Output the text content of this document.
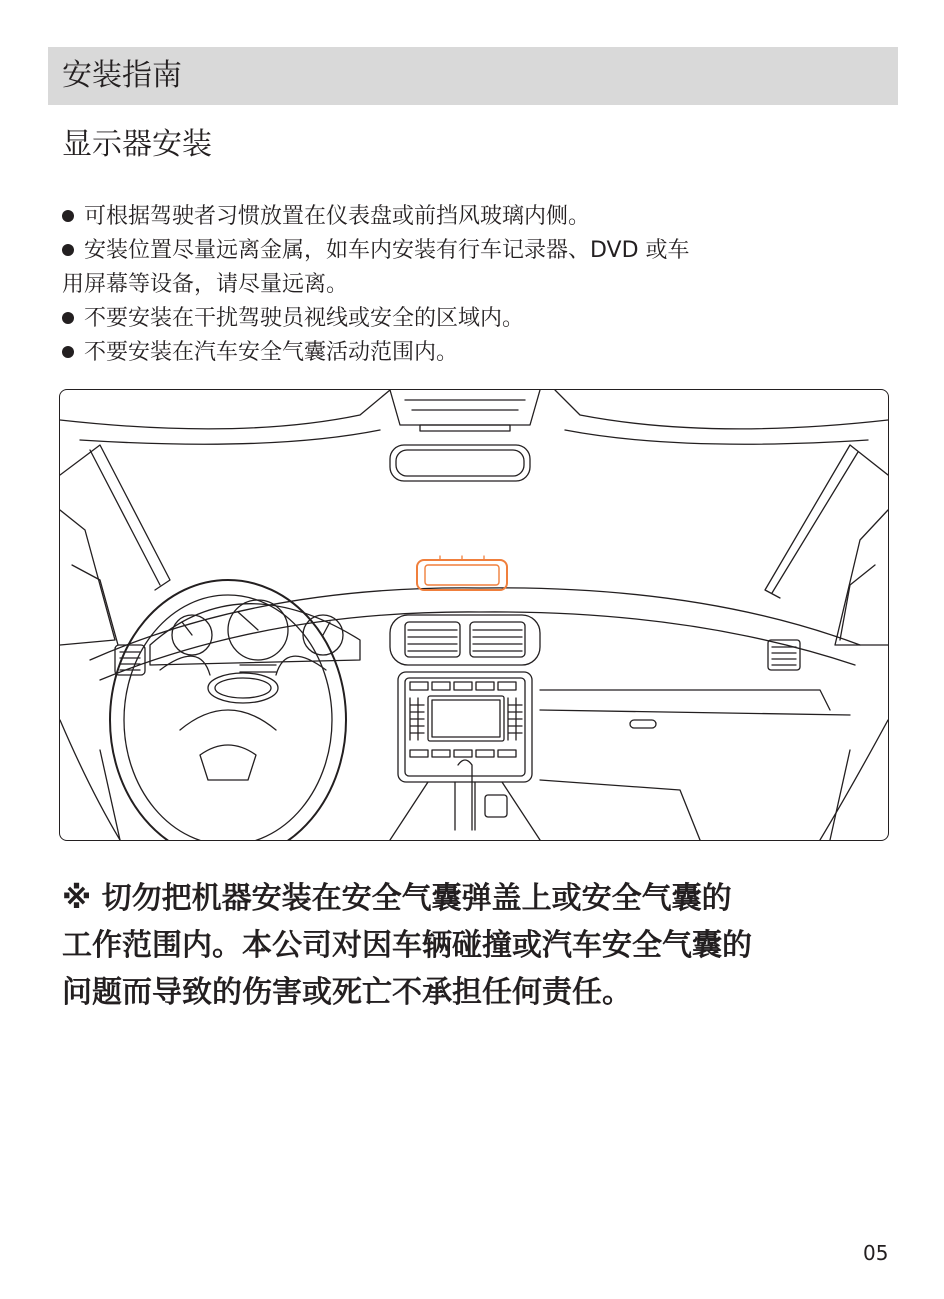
安装指南
显示器安装
可根据驾驶者习惯放置在仪表盘或前挡风玻璃内侧。
安装位置尽量远离金属，如车内安装有行车记录器、DVD 或车
用屏幕等设备，请尽量远离。
不要安装在干扰驾驶员视线或安全的区域内。
不要安装在汽车安全气囊活动范围内。
※ 切勿把机器安装在安全气囊弹盖上或安全气囊的
工作范围内。本公司对因车辆碰撞或汽车安全气囊的
问题而导致的伤害或死亡不承担任何责任。
05
